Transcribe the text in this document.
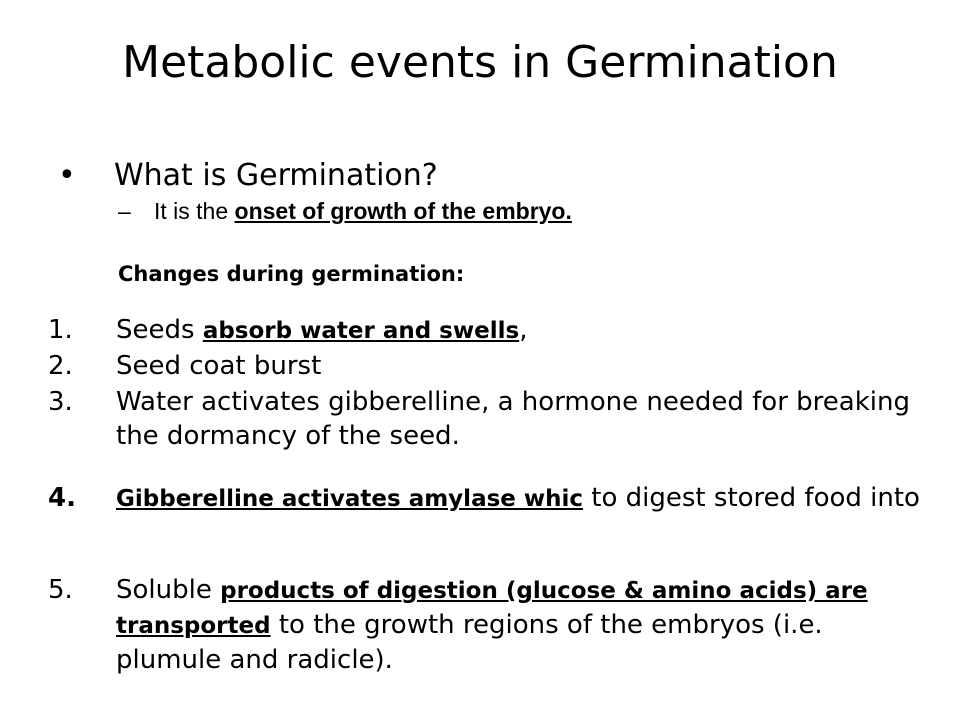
Metabolic events in Germination
• What is Germination?
– It is the onset of growth of the embryo.
Changes during germination:
1.	Seeds absorb water and swells,
2.	Seed coat burst
3.	Water activates gibberelline, a hormone needed for breaking the dormancy of the seed.
4.	Gibberelline activates amylase whic to digest stored food into
5.	Soluble products of digestion (glucose & amino acids) are transported to the growth regions of the embryos (i.e. plumule and radicle).
